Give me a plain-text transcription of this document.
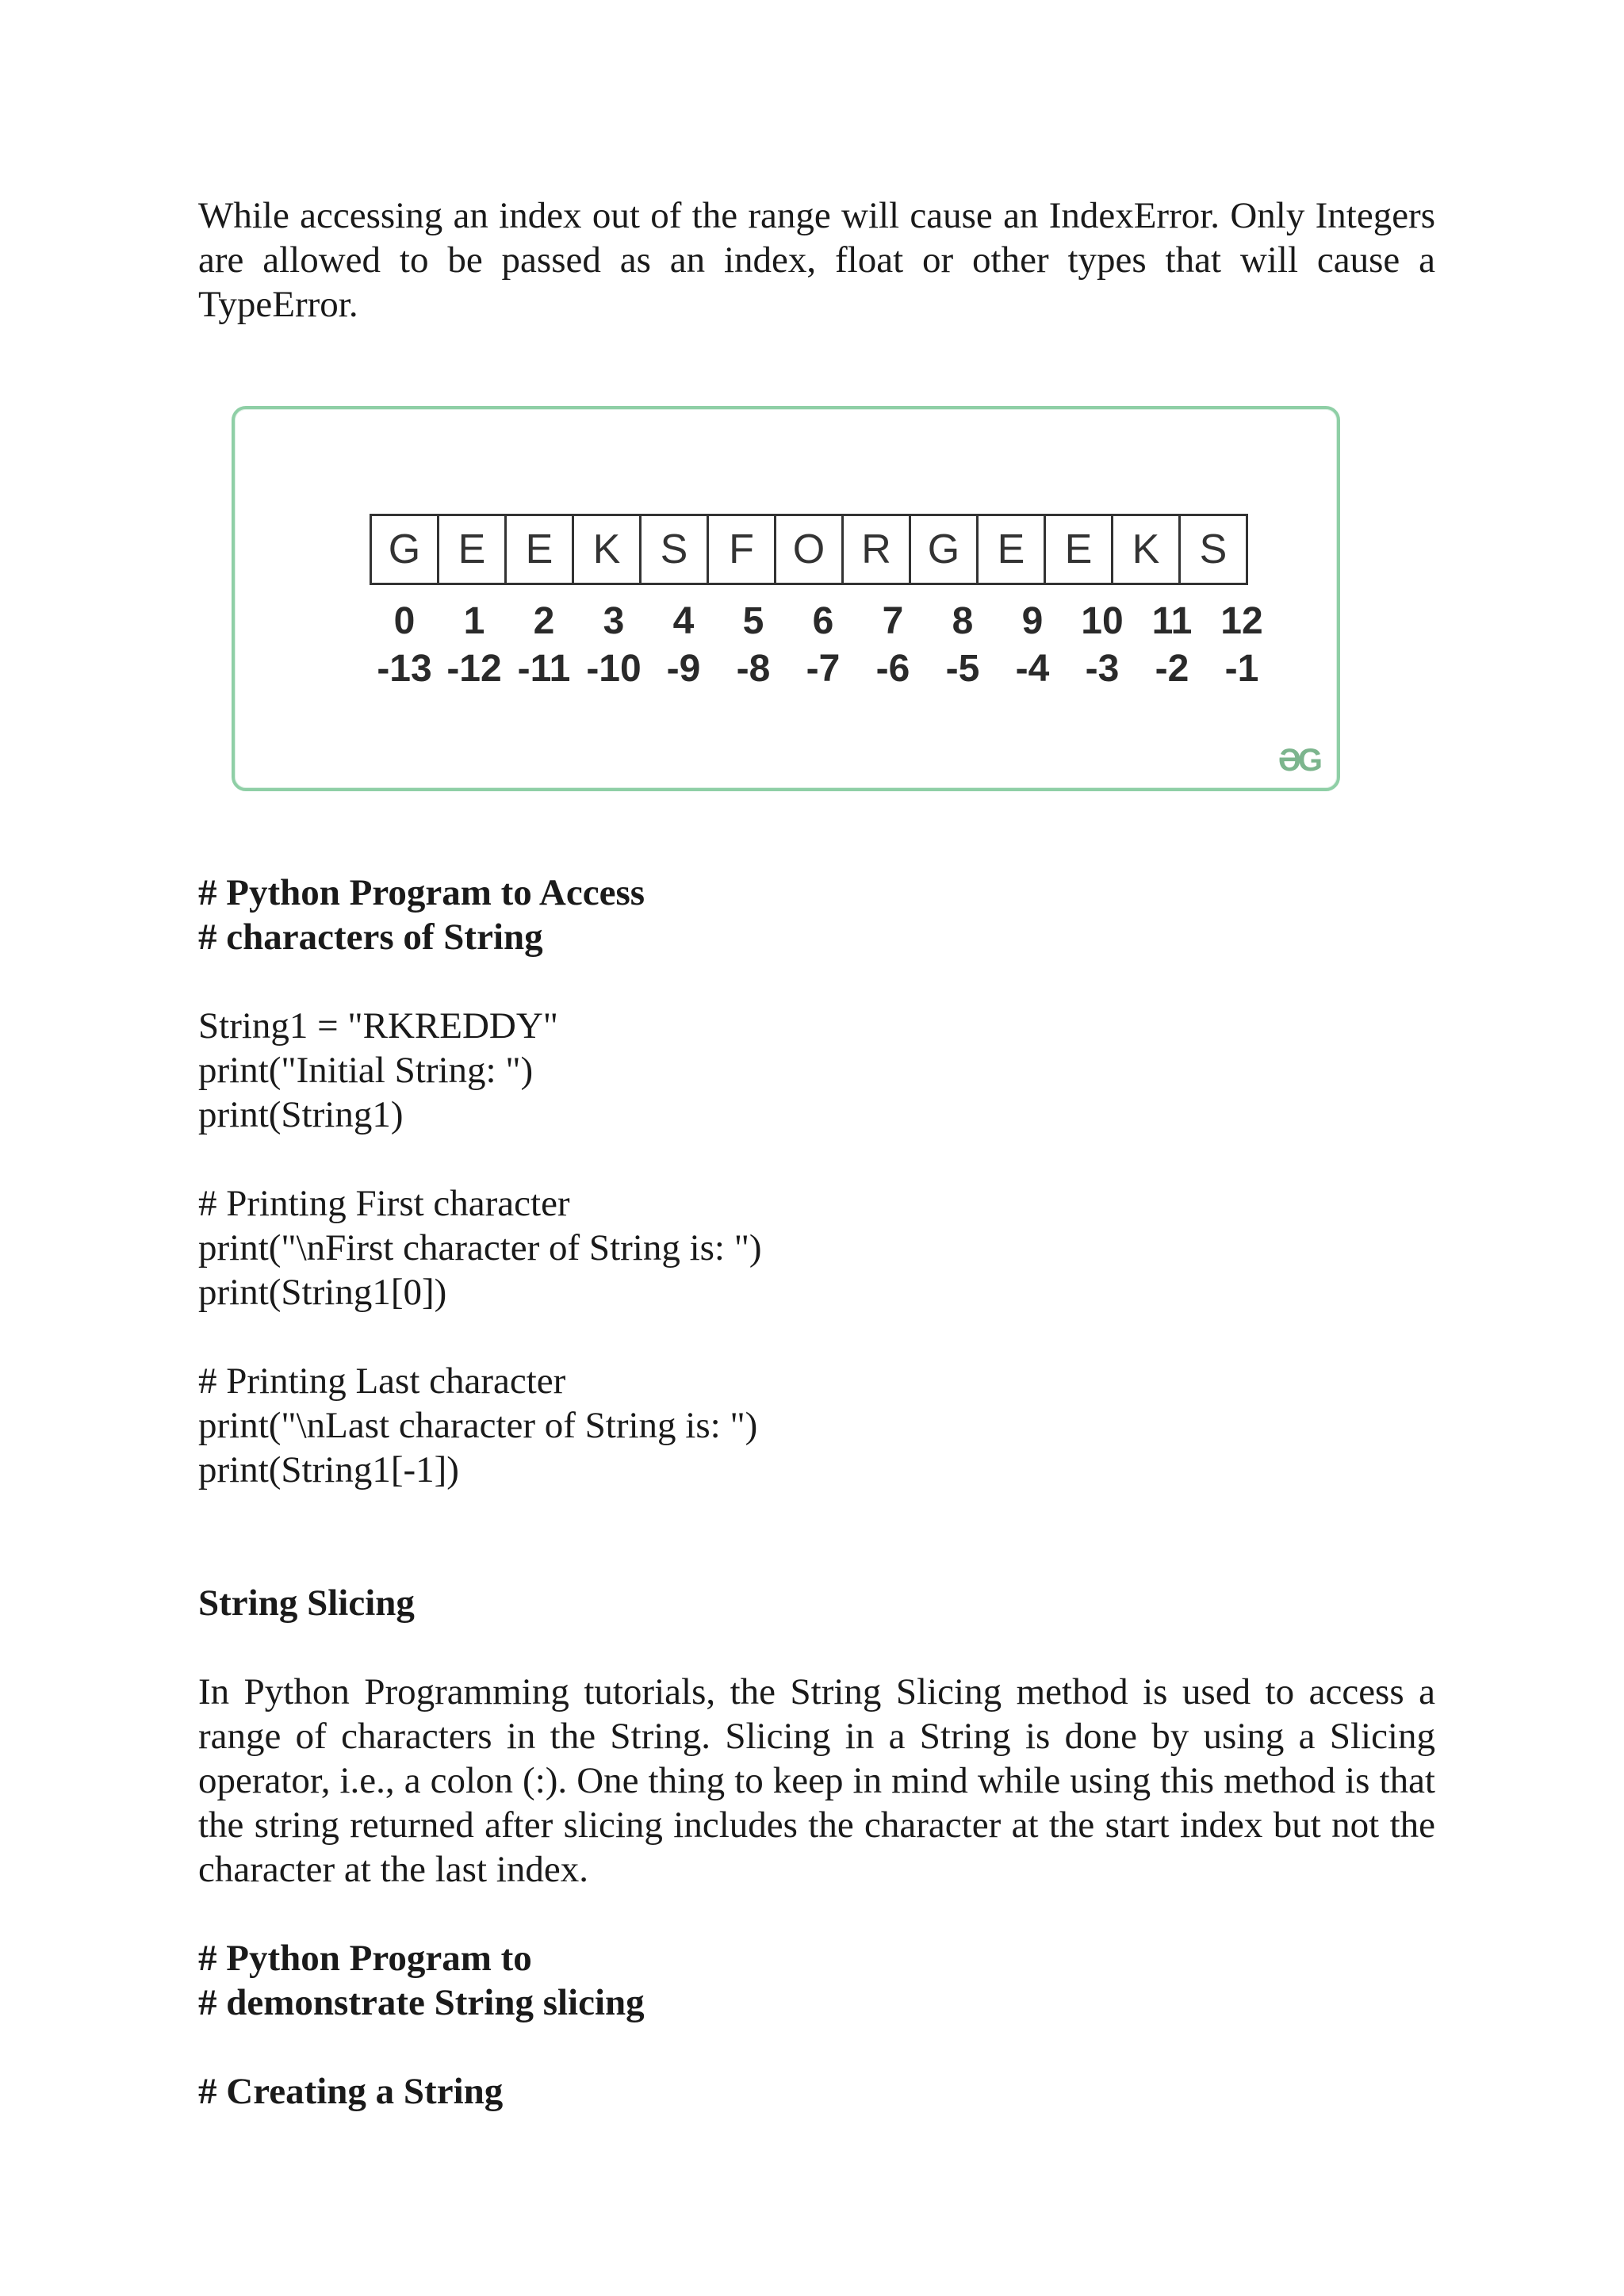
While accessing an index out of the range will cause an IndexError. Only Integers are allowed to be passed as an index, float or other types that will cause a TypeError.

G E E K S F O R G E E K S
0	1	2	3	4	5	6	7	8	9 10 11 12
-13 -12 -11 -10 -9 -8 -7 -6 -5 -4 -3 -2 -1
ƏG

# Python Program to Access

# characters of String

String1 = "RKREDDY"

print("Initial String: ")

print(String1)

# Printing First character

print("\nFirst character of String is: ")

print(String1[0])

# Printing Last character

print("\nLast character of String is: ")

print(String1[-1])

String Slicing

In Python Programming tutorials, the String Slicing method is used to access a range of characters in the String. Slicing in a String is done by using a Slicing operator, i.e., a colon (:). One thing to keep in mind while using this method is that the string returned after slicing includes the character at the start index but not the character at the last index.

# Python Program to

# demonstrate String slicing

# Creating a String
